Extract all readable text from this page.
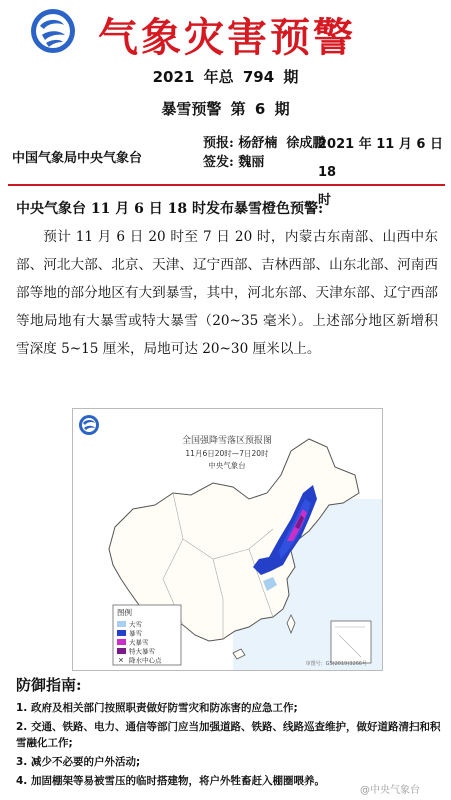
气象灾害预警
2021 年总 794 期
暴雪预警 第 6 期
中国气象局中央气象台
预报: 杨舒楠  徐成鹏
签发: 魏丽
2021 年 11 月 6 日 18
时
中央气象台 11 月 6 日 18 时发布暴雪橙色预警:
预计 11 月 6 日 20 时至 7 日 20 时，内蒙古东南部、山西中东部、河北大部、北京、天津、辽宁西部、吉林西部、山东北部、河南西部等地的部分地区有大到暴雪，其中，河北东部、天津东部、辽宁西部等地局地有大暴雪或特大暴雪（20~35 毫米）。上述部分地区新增积雪深度 5~15 厘米，局地可达 20~30 厘米以上。
全国强降雪落区预报图
11月6日20时—7日20时
中央气象台
图例
大雪
暴雪
大暴雪
特大暴雪
✕ 降水中心点	审图号：GS(2019)3266号
防御指南:
1. 政府及相关部门按照职责做好防雪灾和防冻害的应急工作;
2. 交通、铁路、电力、通信等部门应当加强道路、铁路、线路巡查维护，做好道路清扫和积雪融化工作;
3. 减少不必要的户外活动;
4. 加固棚架等易被雪压的临时搭建物，将户外牲畜赶入棚圈喂养。
@中央气象台
